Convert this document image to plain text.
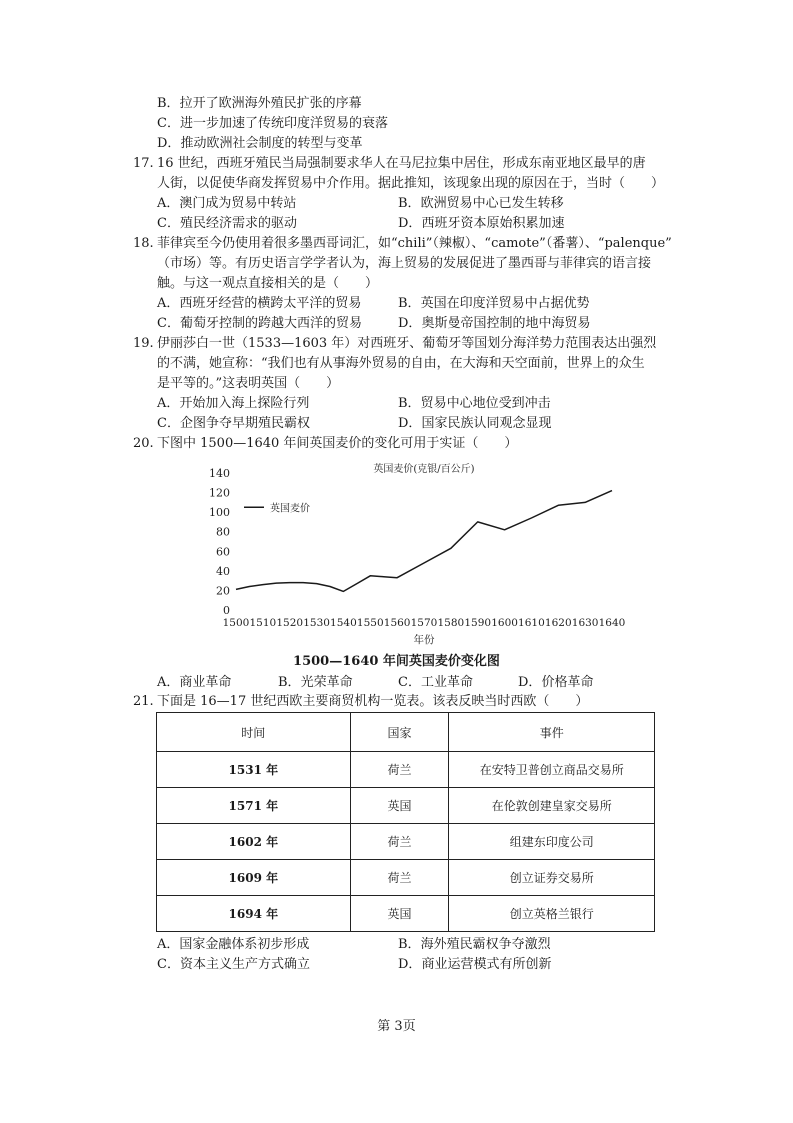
B．拉开了欧洲海外殖民扩张的序幕
C．进一步加速了传统印度洋贸易的衰落
D．推动欧洲社会制度的转型与变革
17. 16 世纪，西班牙殖民当局强制要求华人在马尼拉集中居住，形成东南亚地区最早的唐
人街，以促使华商发挥贸易中介作用。据此推知，该现象出现的原因在于，当时（　　）
A．澳门成为贸易中转站	B．欧洲贸易中心已发生转移
C．殖民经济需求的驱动	D．西班牙资本原始积累加速
18. 菲律宾至今仍使用着很多墨西哥词汇，如“chili”（辣椒）、“camote”（番薯）、“palenque”
（市场）等。有历史语言学学者认为，海上贸易的发展促进了墨西哥与菲律宾的语言接
触。与这一观点直接相关的是（　　）
A．西班牙经营的横跨太平洋的贸易	B．英国在印度洋贸易中占据优势
C．葡萄牙控制的跨越大西洋的贸易	D．奥斯曼帝国控制的地中海贸易
19. 伊丽莎白一世（1533—1603 年）对西班牙、葡萄牙等国划分海洋势力范围表达出强烈
的不满，她宣称：“我们也有从事海外贸易的自由，在大海和天空面前，世界上的众生
是平等的。”这表明英国（　　）
A．开始加入海上探险行列	B．贸易中心地位受到冲击
C．企图争夺早期殖民霸权	D．国家民族认同观念显现
20. 下图中 1500—1640 年间英国麦价的变化可用于实证（　　）
140
120
100
80
60
40
20
0
1500 1510 1520 1530 1540 1550 1560 1570 1580 1590 1600 1610 1620 1630 1640
年份
英国麦价(克银/百公斤)
英国麦价
1500—1640 年间英国麦价变化图
A．商业革命	B．光荣革命	C．工业革命	D．价格革命
21. 下面是 16—17 世纪西欧主要商贸机构一览表。该表反映当时西欧（　　）
时间	国家	事件
1531 年	荷兰	在安特卫普创立商品交易所
1571 年	英国	在伦敦创建皇家交易所
1602 年	荷兰	组建东印度公司
1609 年	荷兰	创立证券交易所
1694 年	英国	创立英格兰银行
A．国家金融体系初步形成	B．海外殖民霸权争夺激烈
C．资本主义生产方式确立	D．商业运营模式有所创新
第 3页
